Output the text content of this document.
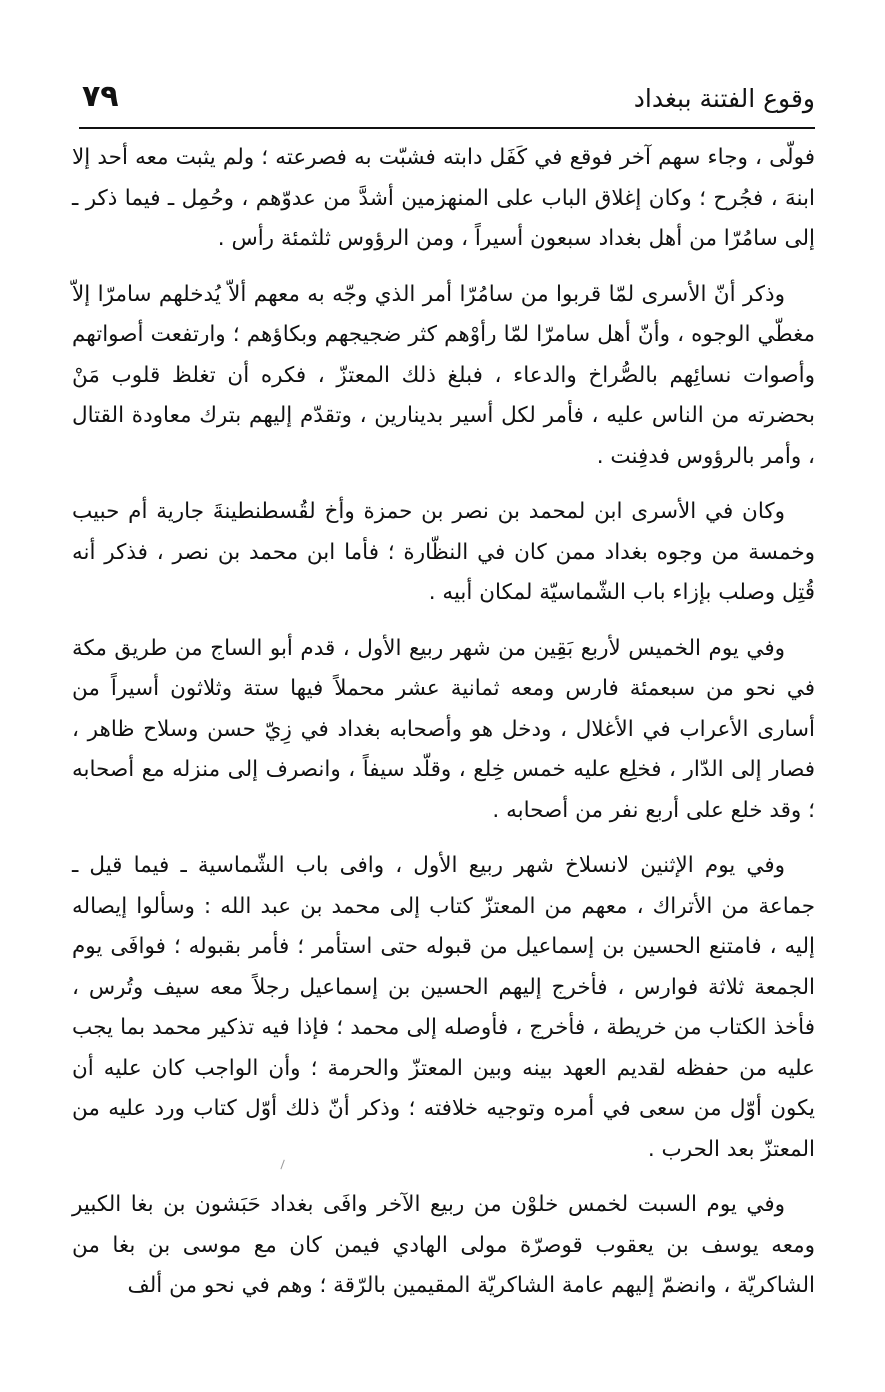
وقوع الفتنة ببغداد
٧٩

فولّى ، وجاء سهم آخر فوقع في كَفَل دابته فشبّت به فصرعته ؛ ولم يثبت معه أحد إلا ابنهَ ، فجُرح ؛ وكان إغلاق الباب على المنهزمين أشدَّ من عدوّهم ، وحُمِل ـ فيما ذكر ـ إلى سامُرّا من أهل بغداد سبعون أسيراً ، ومن الرؤوس ثلثمئة رأس .

وذكر أنّ الأسرى لمّا قربوا من سامُرّا أمر الذي وجّه به معهم ألاّ يُدخلهم سامرّا إلاّ مغطّي الوجوه ، وأنّ أهل سامرّا لمّا رأوْهم كثر ضجيجهم وبكاؤهم ؛ وارتفعت أصواتهم وأصوات نسائِهم بالصُّراخ والدعاء ، فبلغ ذلك المعتزّ ، فكره أن تغلظ قلوب مَنْ بحضرته من الناس عليه ، فأمر لكل أسير بدينارين ، وتقدّم إليهم بترك معاودة القتال ، وأمر بالرؤوس فدفِنت .

وكان في الأسرى ابن لمحمد بن نصر بن حمزة وأخ لقُسطنطينةَ جارية أم حبيب وخمسة من وجوه بغداد ممن كان في النظّارة ؛ فأما ابن محمد بن نصر ، فذكر أنه قُتِل وصلب بإزاء باب الشّماسيّة لمكان أبيه .

وفي يوم الخميس لأربع بَقِين من شهر ربيع الأول ، قدم أبو الساج من طريق مكة في نحو من سبعمئة فارس ومعه ثمانية عشر محملاً فيها ستة وثلاثون أسيراً من أسارى الأعراب في الأغلال ، ودخل هو وأصحابه بغداد في زِيّ حسن وسلاح ظاهر ، فصار إلى الدّار ، فخلِع عليه خمس خِلع ، وقلّد سيفاً ، وانصرف إلى منزله مع أصحابه ؛ وقد خلع على أربع نفر من أصحابه .

وفي يوم الإثنين لانسلاخ شهر ربيع الأول ، وافى باب الشّماسية ـ فيما قيل ـ جماعة من الأتراك ، معهم من المعتزّ كتاب إلى محمد بن عبد الله : وسألوا إيصاله إليه ، فامتنع الحسين بن إسماعيل من قبوله حتى استأمر ؛ فأمر بقبوله ؛ فوافَى يوم الجمعة ثلاثة فوارس ، فأخرج إليهم الحسين بن إسماعيل رجلاً معه سيف وتُرس ، فأخذ الكتاب من خريطة ، فأخرج ، فأوصله إلى محمد ؛ فإذا فيه تذكير محمد بما يجب عليه من حفظه لقديم العهد بينه وبين المعتزّ والحرمة ؛ وأن الواجب كان عليه أن يكون أوّل من سعى في أمره وتوجيه خلافته ؛ وذكر أنّ ذلك أوّل كتاب ورد عليه من المعتزّ بعد الحرب .

وفي يوم السبت لخمس خلوْن من ربيع الآخر وافَى بغداد حَبَشون بن بغا الكبير ومعه يوسف بن يعقوب قوصرّة مولى الهادي فيمن كان مع موسى بن بغا من الشاكريّة ، وانضمّ إليهم عامة الشاكريّة المقيمين بالرّقة ؛ وهم في نحو من ألف
